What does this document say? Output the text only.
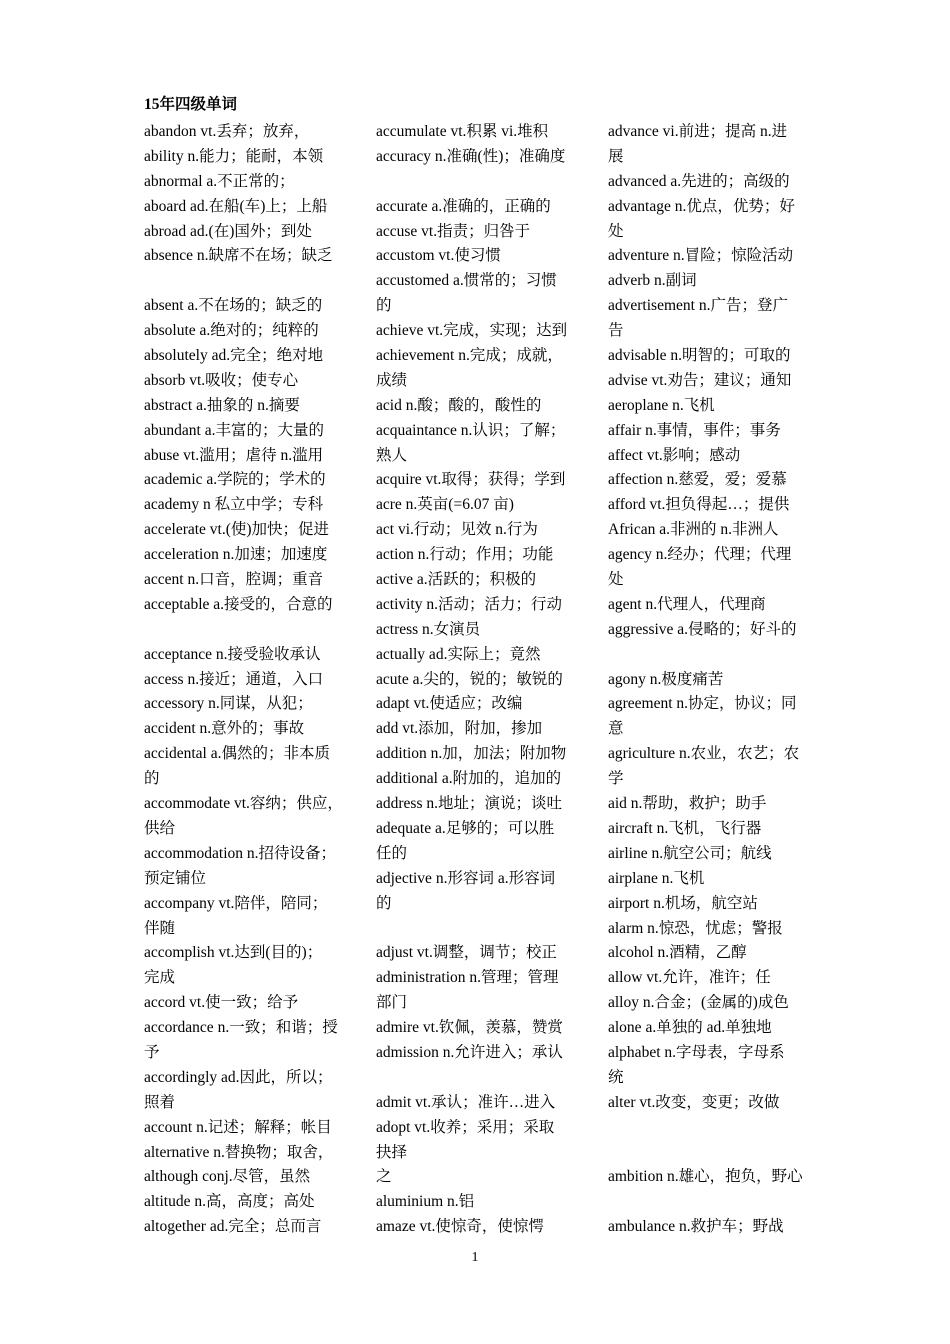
15年四级单词
abandon vt.丢弃；放弃，
ability n.能力；能耐，本领
abnormal a.不正常的；
aboard ad.在船(车)上；上船
abroad ad.(在)国外；到处
absence n.缺席不在场；缺乏
absent a.不在场的；缺乏的
absolute a.绝对的；纯粹的
absolutely ad.完全；绝对地
absorb vt.吸收；使专心
abstract a.抽象的 n.摘要
abundant a.丰富的；大量的
abuse vt.滥用；虐待 n.滥用
academic a.学院的；学术的
academy n 私立中学；专科
accelerate vt.(使)加快；促进
acceleration n.加速；加速度
accent n.口音，腔调；重音
acceptable a.接受的，合意的
acceptance n.接受验收承认
access n.接近；通道，入口
accessory n.同谋，从犯；
accident n.意外的；事故
accidental a.偶然的；非本质
的
accommodate vt.容纳；供应，
供给
accommodation n.招待设备；
预定铺位
accompany vt.陪伴，陪同；
伴随
accomplish vt.达到(目的)；
完成
accord vt.使一致；给予
accordance n.一致；和谐；授
予
accordingly ad.因此，所以；
照着
account n.记述；解释；帐目
alternative n.替换物；取舍，
although conj.尽管，虽然
altitude n.高，高度；高处
altogether ad.完全；总而言
accumulate vt.积累 vi.堆积
accuracy n.准确(性)；准确度
accurate a.准确的，正确的
accuse vt.指责；归咎于
accustom vt.使习惯
accustomed a.惯常的；习惯
的
achieve vt.完成，实现；达到
achievement n.完成；成就，
成绩
acid n.酸；酸的，酸性的
acquaintance n.认识；了解；
熟人
acquire vt.取得；获得；学到
acre n.英亩(=6.07 亩)
act vi.行动；见效 n.行为
action n.行动；作用；功能
active a.活跃的；积极的
activity n.活动；活力；行动
actress n.女演员
actually ad.实际上；竟然
acute a.尖的，锐的；敏锐的
adapt vt.使适应；改编
add vt.添加，附加，掺加
addition n.加，加法；附加物
additional a.附加的，追加的
address n.地址；演说；谈吐
adequate a.足够的；可以胜
任的
adjective n.形容词 a.形容词
的
adjust vt.调整，调节；校正
administration n.管理；管理
部门
admire vt.钦佩，羡慕，赞赏
admission n.允许进入；承认
admit vt.承认；准许…进入
adopt vt.收养；采用；采取
抉择
之
aluminium n.铝
amaze vt.使惊奇，使惊愕
advance vi.前进；提高 n.进
展
advanced a.先进的；高级的
advantage n.优点，优势；好
处
adventure n.冒险；惊险活动
adverb n.副词
advertisement n.广告；登广
告
advisable n.明智的；可取的
advise vt.劝告；建议；通知
aeroplane n.飞机
affair n.事情，事件；事务
affect vt.影响；感动
affection n.慈爱，爱；爱慕
afford vt.担负得起…；提供
African a.非洲的 n.非洲人
agency n.经办；代理；代理
处
agent n.代理人，代理商
aggressive a.侵略的；好斗的
agony n.极度痛苦
agreement n.协定，协议；同
意
agriculture n.农业，农艺；农
学
aid n.帮助，救护；助手
aircraft n.飞机，飞行器
airline n.航空公司；航线
airplane n.飞机
airport n.机场，航空站
alarm n.惊恐，忧虑；警报
alcohol n.酒精，乙醇
allow vt.允许，准许；任
alloy n.合金；(金属的)成色
alone a.单独的 ad.单独地
alphabet n.字母表，字母系
统
alter vt.改变，变更；改做
ambition n.雄心，抱负，野心
ambulance n.救护车；野战
1
